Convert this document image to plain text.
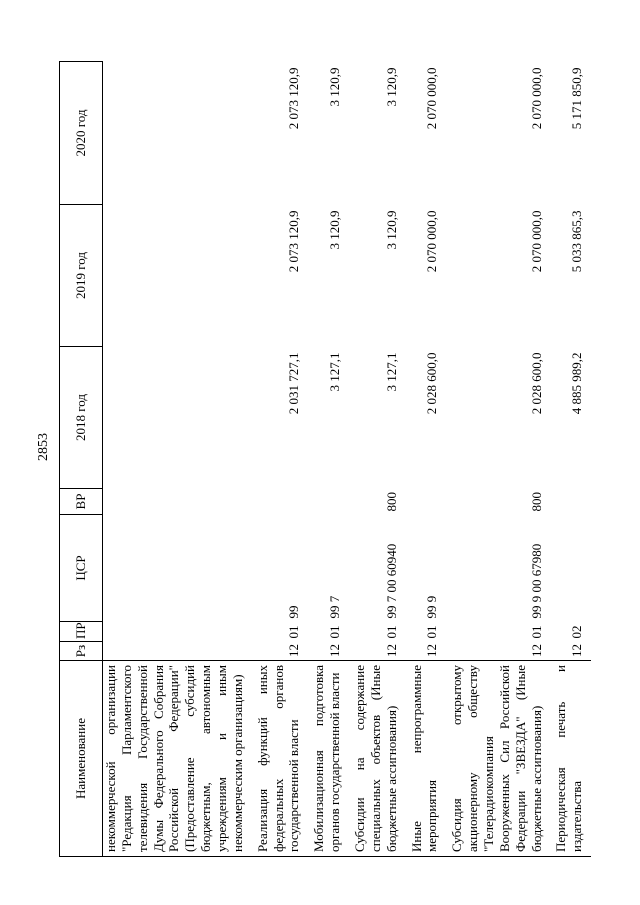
2853
Наименование	Рз	ПР	ЦСР	ВР	2018 год	2019 год	2020 год
некоммерческой организации "Редакция Парламентского телевидения Государственной Думы Федерального Собрания Российской Федерации" (Предоставление субсидий бюджетным, автономным учреждениям и иным некоммерческим организациям)							
Реализация функций иных федеральных органов государственной власти	12	01	99		2 031 727,1	2 073 120,9	2 073 120,9
Мобилизационная подготовка органов государственной власти	12	01	99 7		3 127,1	3 120,9	3 120,9
Субсидии на содержание специальных объектов (Иные бюджетные ассигнования)	12	01	99 7 00 60940	800	3 127,1	3 120,9	3 120,9
Иные непрограммные мероприятия	12	01	99 9		2 028 600,0	2 070 000,0	2 070 000,0
Субсидия открытому акционерному обществу "Телерадиокомпания Вооруженных Сил Российской Федерации "ЗВЕЗДА" (Иные бюджетные ассигнования)	12	01	99 9 00 67980	800	2 028 600,0	2 070 000,0	2 070 000,0
Периодическая печать и издательства	12	02			4 885 989,2	5 033 865,3	5 171 850,9
